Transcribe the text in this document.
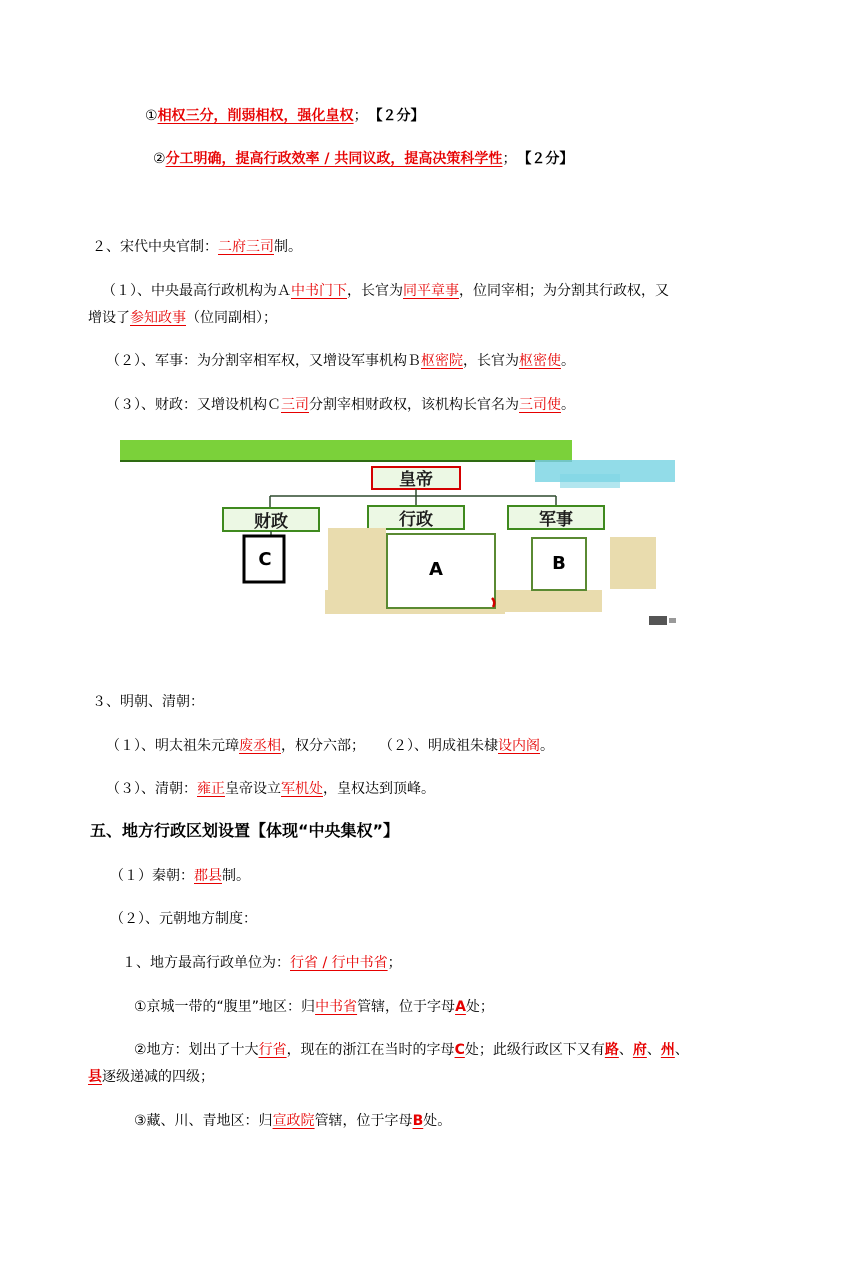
①相权三分，削弱相权，强化皇权； 【２分】
②分工明确，提高行政效率 / 共同议政，提高决策科学性； 【２分】
２、宋代中央官制：二府三司制。
（１）、中央最高行政机构为Ａ中书门下，长官为同平章事，位同宰相；为分割其行政权，又
增设了参知政事（位同副相）；
（２）、军事：为分割宰相军权，又增设军事机构Ｂ枢密院，长官为枢密使。
（３）、财政：又增设机构Ｃ三司分割宰相财政权，该机构长官名为三司使。
皇帝
财政	行政	军事
C	A	B
３、明朝、清朝：
（１）、明太祖朱元璋废丞相，权分六部；　　（２）、明成祖朱棣设内阁。
（３）、清朝：雍正皇帝设立军机处，皇权达到顶峰。
五、地方行政区划设置【体现“中央集权”】
（１）秦朝：郡县制。
（２）、元朝地方制度：
１、地方最高行政单位为：行省 / 行中书省；
①京城一带的“腹里”地区：归中书省管辖，位于字母A处；
②地方：划出了十大行省，现在的浙江在当时的字母C处；此级行政区下又有路、府、州、
县逐级递减的四级；
③藏、川、青地区：归宣政院管辖，位于字母B处。
